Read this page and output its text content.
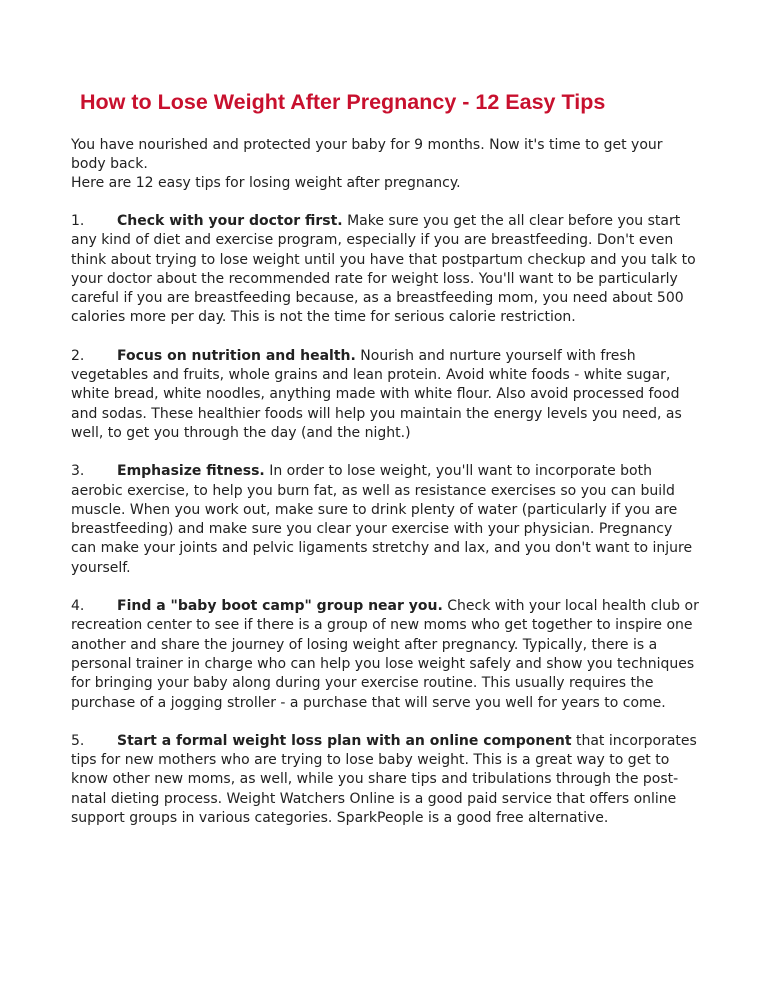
How to Lose Weight After Pregnancy - 12 Easy Tips

You have nourished and protected your baby for 9 months. Now it's time to get your body back.

Here are 12 easy tips for losing weight after pregnancy.

1. Check with your doctor first. Make sure you get the all clear before you start any kind of diet and exercise program, especially if you are breastfeeding. Don't even think about trying to lose weight until you have that postpartum checkup and you talk to your doctor about the recommended rate for weight loss. You'll want to be particularly careful if you are breastfeeding because, as a breastfeeding mom, you need about 500 calories more per day. This is not the time for serious calorie restriction.
2. Focus on nutrition and health. Nourish and nurture yourself with fresh vegetables and fruits, whole grains and lean protein. Avoid white foods - white sugar, white bread, white noodles, anything made with white flour. Also avoid processed food and sodas. These healthier foods will help you maintain the energy levels you need, as well, to get you through the day (and the night.)
3. Emphasize fitness. In order to lose weight, you'll want to incorporate both aerobic exercise, to help you burn fat, as well as resistance exercises so you can build muscle. When you work out, make sure to drink plenty of water (particularly if you are breastfeeding) and make sure you clear your exercise with your physician. Pregnancy can make your joints and pelvic ligaments stretchy and lax, and you don't want to injure yourself.
4. Find a "baby boot camp" group near you. Check with your local health club or recreation center to see if there is a group of new moms who get together to inspire one another and share the journey of losing weight after pregnancy. Typically, there is a personal trainer in charge who can help you lose weight safely and show you techniques for bringing your baby along during your exercise routine. This usually requires the purchase of a jogging stroller - a purchase that will serve you well for years to come.
5. Start a formal weight loss plan with an online component that incorporates tips for new mothers who are trying to lose baby weight. This is a great way to get to know other new moms, as well, while you share tips and tribulations through the post-natal dieting process. Weight Watchers Online is a good paid service that offers online support groups in various categories. SparkPeople is a good free alternative.
